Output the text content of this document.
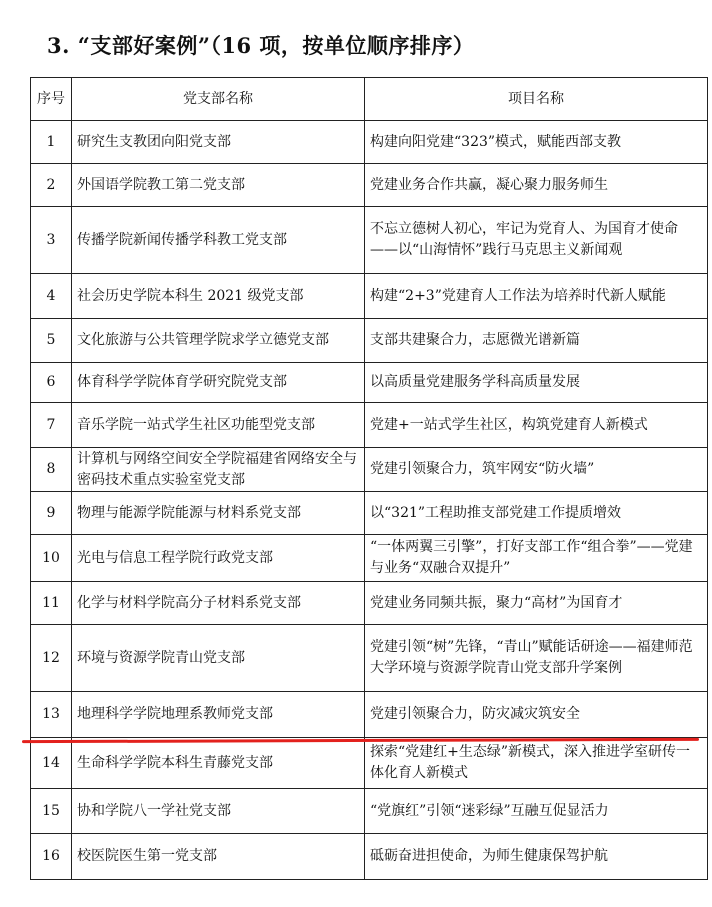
3. “支部好案例”（16 项，按单位顺序排序）
序号	党支部名称	项目名称
1	研究生支教团向阳党支部	构建向阳党建“323”模式，赋能西部支教
2	外国语学院教工第二党支部	党建业务合作共赢，凝心聚力服务师生
3	传播学院新闻传播学科教工党支部	不忘立德树人初心，牢记为党育人、为国育才使命——以“山海情怀”践行马克思主义新闻观
4	社会历史学院本科生 2021 级党支部	构建“2+3”党建育人工作法为培养时代新人赋能
5	文化旅游与公共管理学院求学立德党支部	支部共建聚合力，志愿微光谱新篇
6	体育科学学院体育学研究院党支部	以高质量党建服务学科高质量发展
7	音乐学院一站式学生社区功能型党支部	党建+一站式学生社区，构筑党建育人新模式
8	计算机与网络空间安全学院福建省网络安全与密码技术重点实验室党支部	党建引领聚合力，筑牢网安“防火墙”
9	物理与能源学院能源与材料系党支部	以“321”工程助推支部党建工作提质增效
10	光电与信息工程学院行政党支部	“一体两翼三引擎”，打好支部工作“组合拳”——党建与业务“双融合双提升”
11	化学与材料学院高分子材料系党支部	党建业务同频共振，聚力“高材”为国育才
12	环境与资源学院青山党支部	党建引领“树”先锋，“青山”赋能话研途——福建师范大学环境与资源学院青山党支部升学案例
13	地理科学学院地理系教师党支部	党建引领聚合力，防灾减灾筑安全
14	生命科学学院本科生青藤党支部	探索“党建红+生态绿”新模式，深入推进学室研传一体化育人新模式
15	协和学院八一学社党支部	“党旗红”引领“迷彩绿”互融互促显活力
16	校医院医生第一党支部	砥砺奋进担使命，为师生健康保驾护航
